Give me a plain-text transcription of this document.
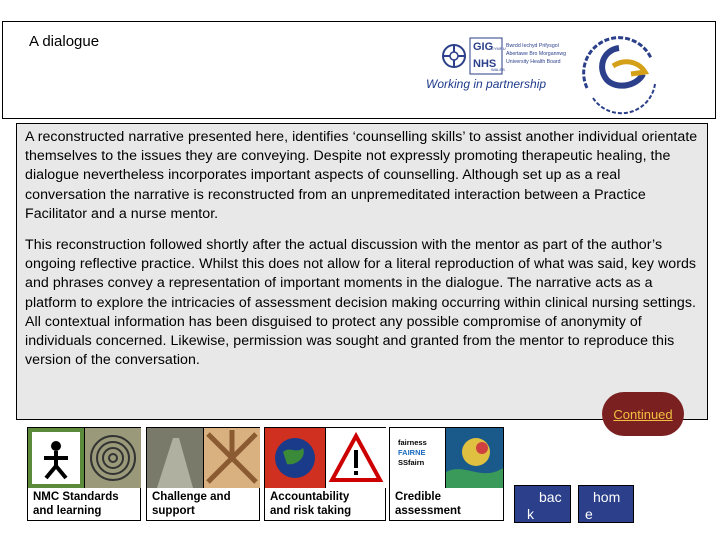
A dialogue	GIG
CYMRU
NHS
WALES
Bwrdd Iechyd Prifysgol
Abertawe Bro Morgannwg
University Health Board
Working in partnership

A reconstructed narrative presented here, identifies ‘counselling skills’ to assist another individual orientate themselves to the issues they are conveying. Despite not expressly promoting therapeutic healing, the dialogue nevertheless incorporates important aspects of counselling. Although set up as a real conversation the narrative is reconstructed from an unpremeditated interaction between a Practice Facilitator and a nurse mentor.

This reconstruction followed shortly after the actual discussion with the mentor as part of the author’s ongoing reflective practice. Whilst this does not allow for a literal reproduction of what was said, key words and phrases convey a representation of important moments in the dialogue. The narrative acts as a platform to explore the intricacies of assessment decision making occurring within clinical nursing settings. All contextual information has been disguised to protect any possible compromise of anonymity of individuals concerned. Likewise, permission was sought and granted from the mentor to reproduce this version of the conversation.

Continued
NMC Standards
and learning
Challenge and
support
Accountability
and risk taking
fairness
FAIRNE
SSfairn
Credible
assessment
bac
k
hom
e
